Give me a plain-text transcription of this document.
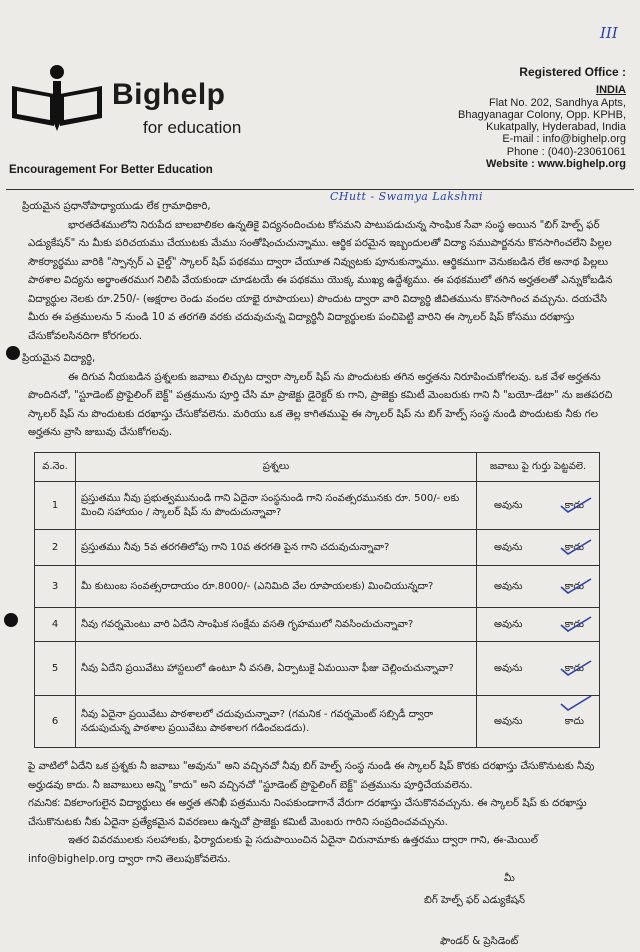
III
Bighelp
for education
Encouragement For Better Education
Registered Office :
INDIA
Flat No. 202, Sandhya Apts,
Bhagyanagar Colony, Opp. KPHB,
Kukatpally, Hyderabad, India
E-mail : info@bighelp.org
Phone : (040)-23061061
Website : www.bighelp.org
CHutt - Swamya Lakshmi

ప్రియమైన ప్రధానోపాధ్యాయుడు లేక గ్రామాధికారి,

భారతదేశములోని నిరుపేద బాలబాలికల ఉన్నతికై విద్యనందించుట కోసమని పాటుపడుచున్న సాంఘిక సేవా సంస్థ అయిన "బిగ్ హెల్ప్ ఫర్ ఎడ్యుకేషన్" ను మీకు పరిచయము చేయుటకు మేము సంతోషించుచున్నాము. ఆర్థిక పరమైన ఇబ్బందులతో విద్యా సముపార్జనను కొనసాగించలేని పిల్లల సౌకర్యార్థము వారికి "స్పాన్సర్ ఎ చైల్డ్" స్కాలర్ షిప్ పథకము ద్వారా చేయూత నివ్వుటకు పూనుకున్నాము. ఆర్థికముగా వెనుకబడిన లేక అనాథ పిల్లలు పాఠశాల విద్యను అర్థాంతరముగ నిలిపి వేయకుండా చూడటయే ఈ పథకము యొక్క ముఖ్య ఉద్దేశ్యము. ఈ పథకములో తగిన అర్హతలతో ఎన్నుకోబడిన విద్యార్థుల నెలకు రూ.250/- (అక్షరాల రెండు వందల యాభై రూపాయలు) పొందుట ద్వారా వారి విద్యార్థి జీవితమును కొనసాగించ వచ్చును. దయచేసి మీరు ఈ పత్రములను 5 నుండి 10 వ తరగతి వరకు చదువుచున్న విద్యార్థినీ విద్యార్థులకు పంచిపెట్టి వారిని ఈ స్కాలర్ షిప్ కోసము దరఖాస్తు చేసుకోవలసినదిగా కోరగలరు.

ప్రియమైన విద్యార్థి,

ఈ దిగువ నీయబడిన ప్రశ్నలకు జవాబు లిచ్చుట ద్వారా స్కాలర్ షిప్ ను పొందుటకు తగిన అర్హతను నిరూపించుకోగలవు. ఒక వేళ అర్హతను పొందినచో, "స్టూడెంట్ ప్రొఫైలింగ్ బెక్ట్" పత్రమును పూర్తి చేసి మా ప్రాజెక్టు డైరెక్టర్ కు గాని, ప్రాజెక్టు కమిటీ మెంబరుకు గాని నీ "బయో-డేటా" ను జతపరచి స్కాలర్ షిప్ ను పొందుటకు దరఖాస్తు చేసుకోవలెను. మరియు ఒక తెల్ల కాగితముపై ఈ స్కాలర్ షిప్ ను బిగ్ హెల్ప్ సంస్థ నుండి పొందుటకు నీకు గల అర్హతను వ్రాసి జుబువు చేసుకోగలవు.

వ.నెం.	ప్రశ్నలు	జవాబు పై గుర్తు పెట్టవలె.
1	ప్రస్తుతము నీవు ప్రభుత్వమునుండి గాని ఏదైనా సంస్థనుండి గాని సంవత్సరమునకు రూ. 500/- లకు మించి సహాయం / స్కాలర్ షిప్ ను పొందుచున్నావా?	అవును కాదు

2	ప్రస్తుతము నీవు 5వ తరగతిలోపు గాని 10వ తరగతి పైన గాని చదువుచున్నావా?	అవును కాదు

3	మీ కుటుంబ సంవత్సరాదాయం రూ.8000/- (ఎనిమిది వేల రూపాయలకు) మించియున్నదా?	అవును కాదు

4	నీవు గవర్నమెంటు వారి ఏదేని సాంఘిక సంక్షేమ వసతి గృహములో నివసించుచున్నావా?	అవును కాదు

5	నీవు ఏదేని ప్రయివేటు హాస్టలులో ఉంటూ నీ వసతి, ఏర్పాటుకై ఏమయినా ఫీజు చెల్లించుచున్నావా?	అవును కాదు

6	నీవు ఏదైనా ప్రయివేటు పాఠశాలలో చదువుచున్నావా? (గమనిక - గవర్నమెంట్ సబ్సిడీ ద్వారా నడుపుచున్న పాఠశాల ప్రయివేటు పాఠశాలగ గడించబడదు).	అవును కాదు

పై వాటిలో ఏదేని ఒక ప్రశ్నకు నీ జవాబు "అవును" అని వచ్చినచో నీవు బిగ్ హెల్ప్ సంస్థ నుండి ఈ స్కాలర్ షిప్ కొరకు దరఖాస్తు చేసుకొనుటకు నీవు అర్హుడవు కాదు. నీ జవాబులు అన్ని "కాదు" అని వచ్చినచో "స్టూడెంట్ ప్రొఫైలింగ్ బెక్ట్" పత్రమును పూర్తిచేయవలెను.

గమనిక: వికలాంగులైన విద్యార్థులు ఈ అర్హత తనిఖీ పత్రమును నింపకుండాగానే వేరుగా దరఖాస్తు చేసుకొనవచ్చును. ఈ స్కాలర్ షిప్ కు దరఖాస్తు చేసుకొనుటకు నీకు ఏదైనా ప్రత్యేకమైన వివరణలు ఉన్నచో ప్రాజెక్టు కమిటీ మెంబరు గారిని సంప్రదించవచ్చును.

ఇతర వివరములకు సలహాలకు, ఫిర్యాదులకు పై సదుపాయించిన ఏదైనా చిరునామాకు ఉత్తరము ద్వారా గాని, ఈ-మెయిల్ info@bighelp.org ద్వారా గాని తెలుపుకోవలెను.

మీ
బిగ్ హెల్ప్ ఫర్ ఎడ్యుకేషన్
ఫౌండర్ & ప్రెసిడెంట్
